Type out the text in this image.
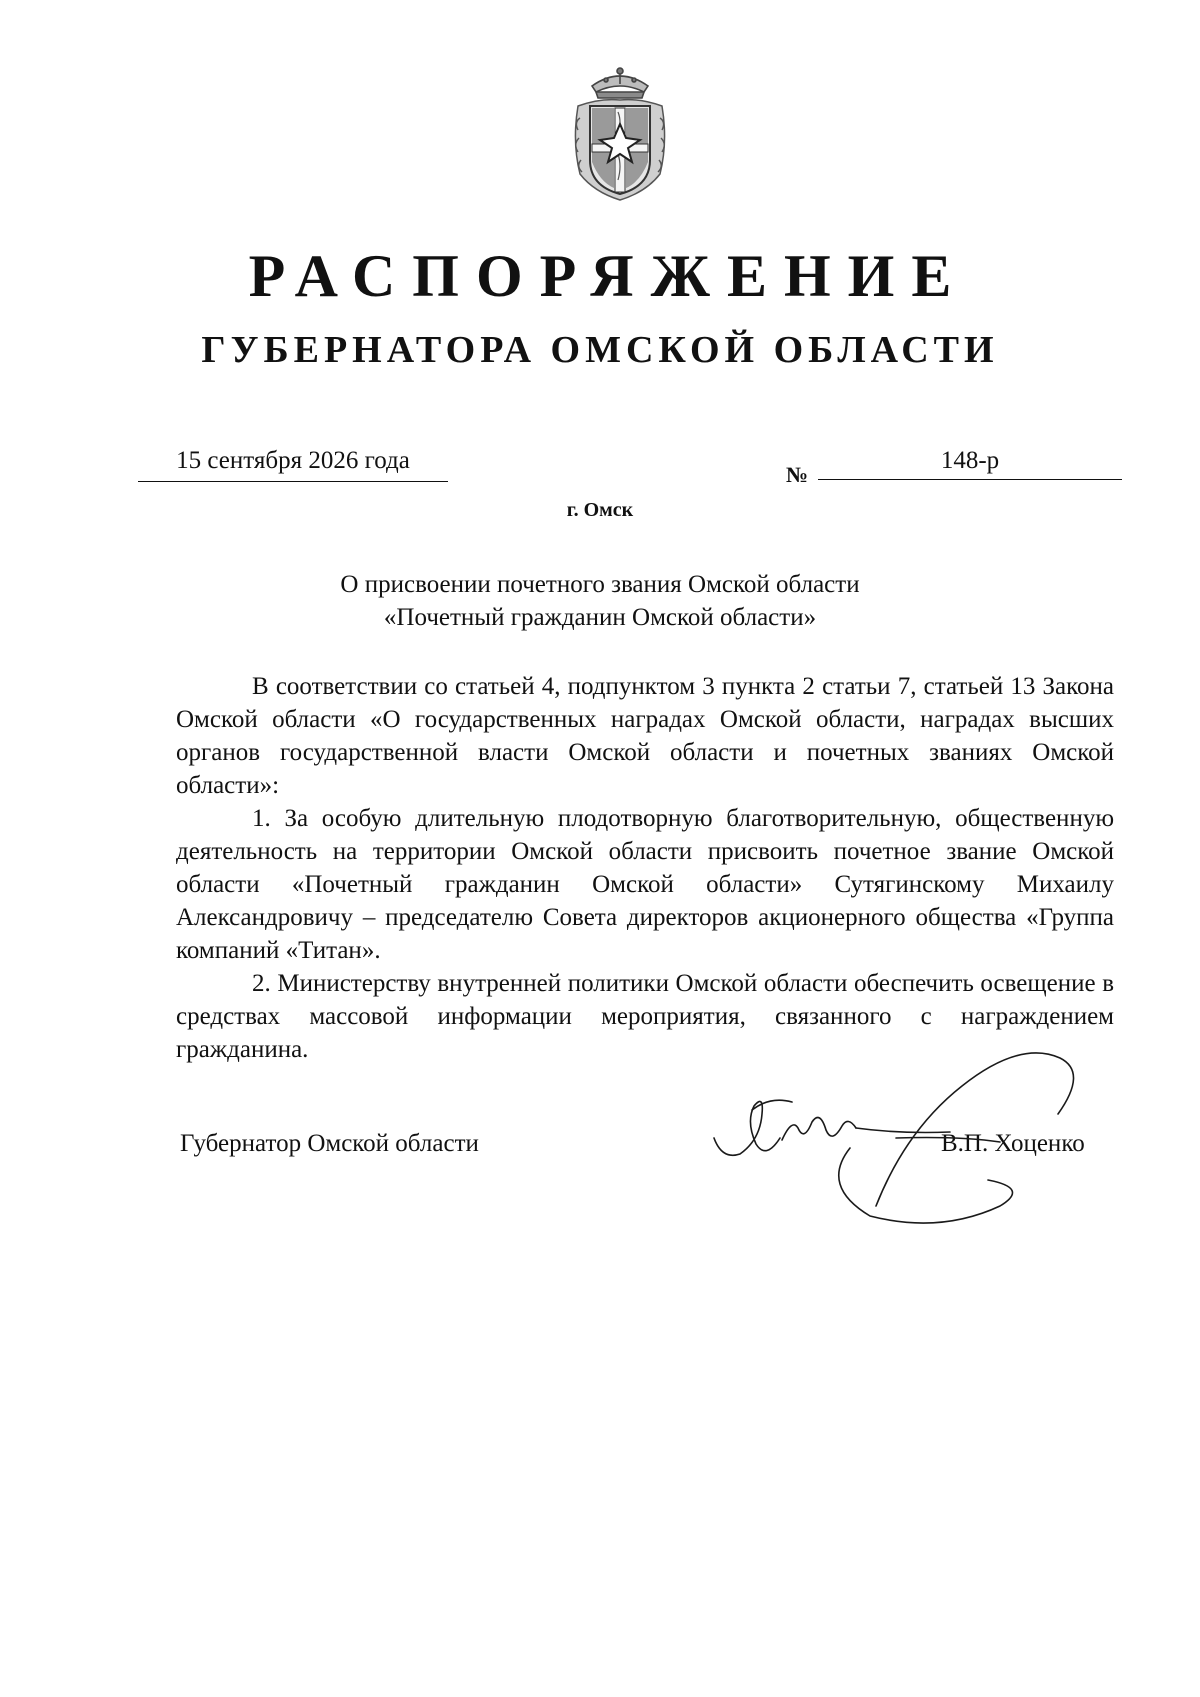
РАСПОРЯЖЕНИЕ
ГУБЕРНАТОРА ОМСКОЙ ОБЛАСТИ
15 сентября 2026 года
№
148-р
г. Омск
О присвоении почетного звания Омской области
«Почетный гражданин Омской области»

В соответствии со статьей 4, подпунктом 3 пункта 2 статьи 7, статьей 13 Закона Омской области «О государственных наградах Омской области, наградах высших органов государственной власти Омской области и почетных званиях Омской области»:

1. За особую длительную плодотворную благотворительную, общественную деятельность на территории Омской области присвоить почетное звание Омской области «Почетный гражданин Омской области» Сутягинскому Михаилу Александровичу – председателю Совета директоров акционерного общества «Группа компаний «Титан».

2. Министерству внутренней политики Омской области обеспечить освещение в средствах массовой информации мероприятия, связанного с награждением гражданина.

Губернатор Омской области	В.П. Хоценко
